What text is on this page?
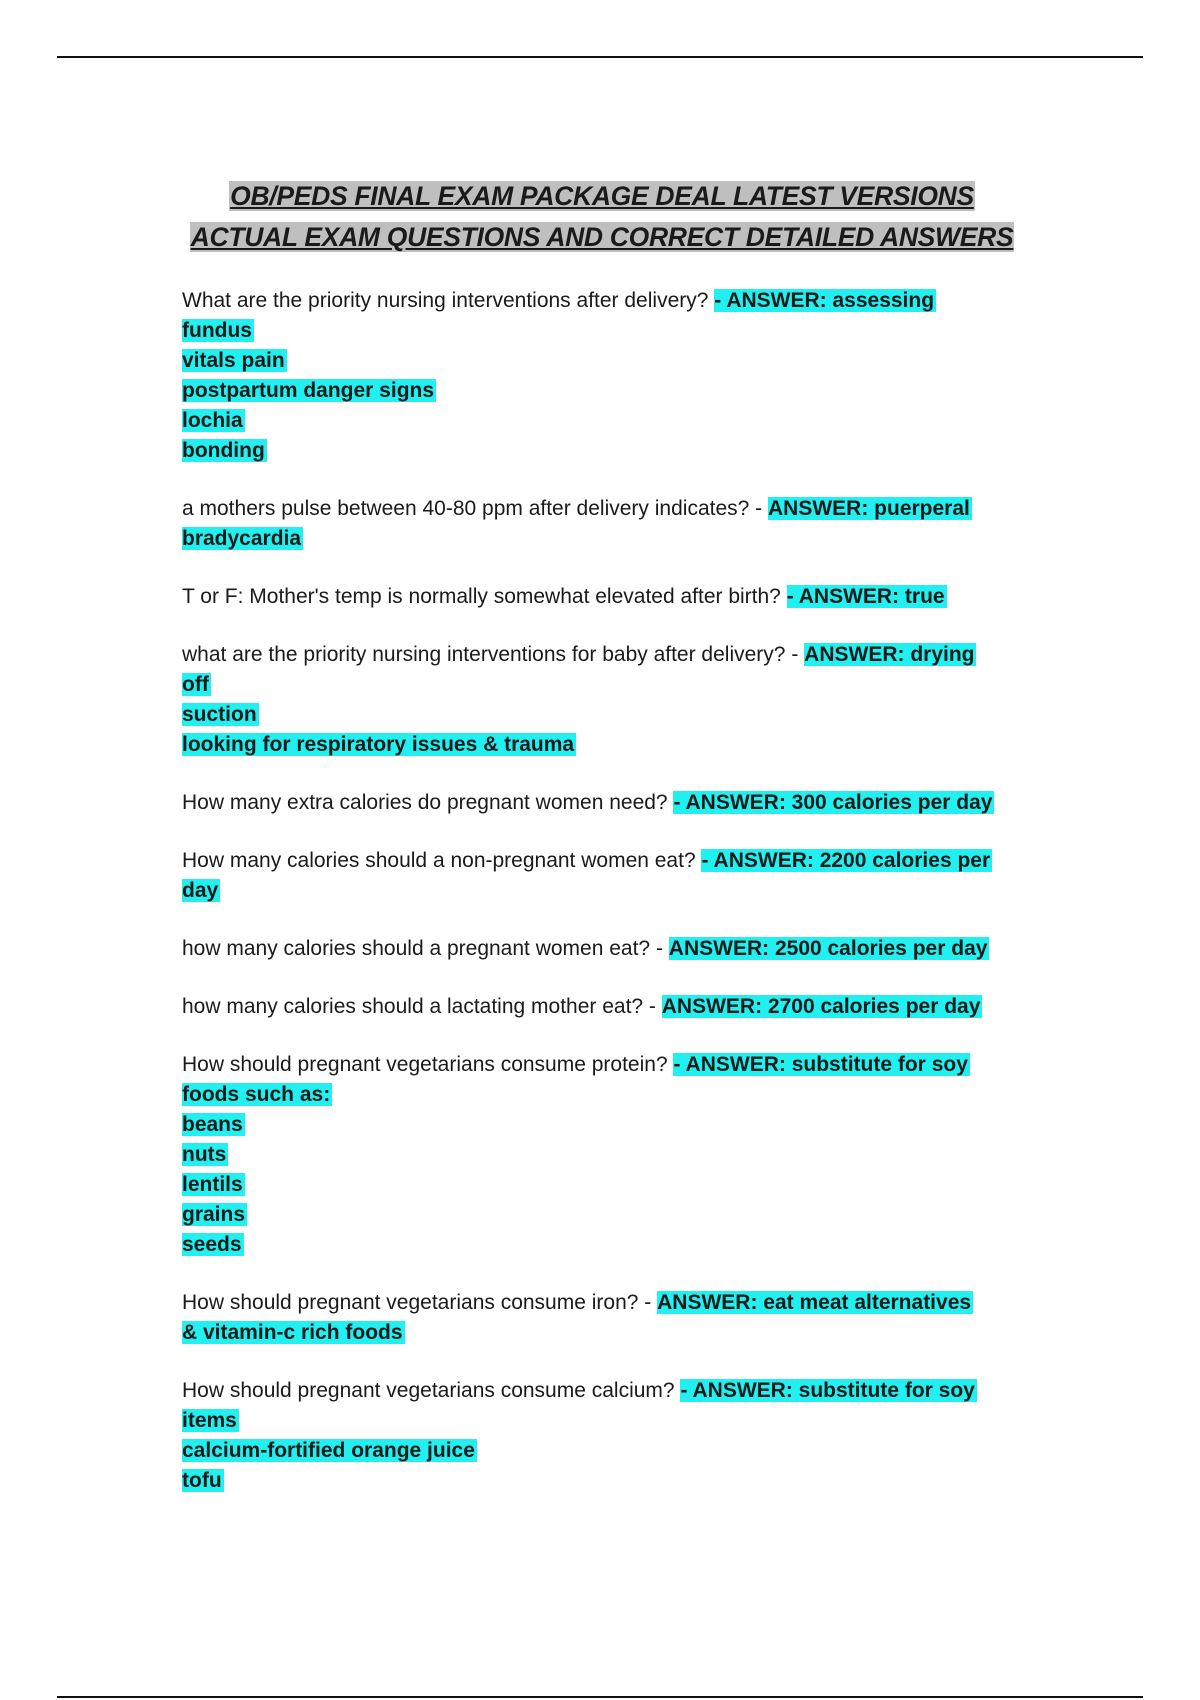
OB/PEDS FINAL EXAM PACKAGE DEAL LATEST VERSIONS
ACTUAL EXAM QUESTIONS AND CORRECT DETAILED ANSWERS
What are the priority nursing interventions after delivery? - ANSWER: assessing
fundus
vitals pain
postpartum danger signs
lochia
bonding
a mothers pulse between 40-80 ppm after delivery indicates? - ANSWER: puerperal
bradycardia
T or F: Mother's temp is normally somewhat elevated after birth? - ANSWER: true
what are the priority nursing interventions for baby after delivery? - ANSWER: drying
off
suction
looking for respiratory issues & trauma
How many extra calories do pregnant women need? - ANSWER: 300 calories per day
How many calories should a non-pregnant women eat? - ANSWER: 2200 calories per
day
how many calories should a pregnant women eat? - ANSWER: 2500 calories per day
how many calories should a lactating mother eat? - ANSWER: 2700 calories per day
How should pregnant vegetarians consume protein? - ANSWER: substitute for soy
foods such as:
beans
nuts
lentils
grains
seeds
How should pregnant vegetarians consume iron? - ANSWER: eat meat alternatives
& vitamin-c rich foods
How should pregnant vegetarians consume calcium? - ANSWER: substitute for soy
items
calcium-fortified orange juice
tofu
